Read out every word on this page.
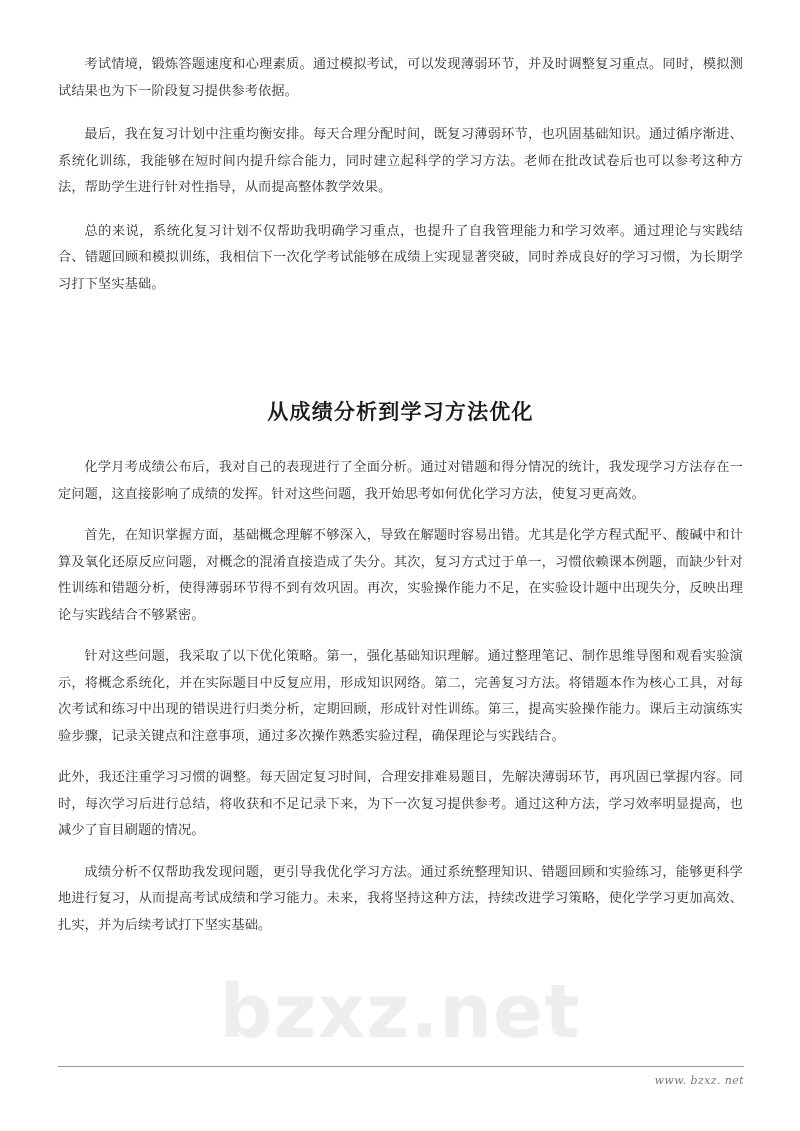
bzxz.net

考试情境，锻炼答题速度和心理素质。通过模拟考试，可以发现薄弱环节，并及时调整复习重点。同时，模拟测试结果也为下一阶段复习提供参考依据。

最后，我在复习计划中注重均衡安排。每天合理分配时间，既复习薄弱环节，也巩固基础知识。通过循序渐进、系统化训练，我能够在短时间内提升综合能力，同时建立起科学的学习方法。老师在批改试卷后也可以参考这种方法，帮助学生进行针对性指导，从而提高整体教学效果。

总的来说，系统化复习计划不仅帮助我明确学习重点，也提升了自我管理能力和学习效率。通过理论与实践结合、错题回顾和模拟训练，我相信下一次化学考试能够在成绩上实现显著突破，同时养成良好的学习习惯，为长期学习打下坚实基础。

从成绩分析到学习方法优化

化学月考成绩公布后，我对自己的表现进行了全面分析。通过对错题和得分情况的统计，我发现学习方法存在一定问题，这直接影响了成绩的发挥。针对这些问题，我开始思考如何优化学习方法，使复习更高效。

首先，在知识掌握方面，基础概念理解不够深入，导致在解题时容易出错。尤其是化学方程式配平、酸碱中和计算及氧化还原反应问题，对概念的混淆直接造成了失分。其次，复习方式过于单一，习惯依赖课本例题，而缺少针对性训练和错题分析，使得薄弱环节得不到有效巩固。再次，实验操作能力不足，在实验设计题中出现失分，反映出理论与实践结合不够紧密。

针对这些问题，我采取了以下优化策略。第一，强化基础知识理解。通过整理笔记、制作思维导图和观看实验演示，将概念系统化，并在实际题目中反复应用，形成知识网络。第二，完善复习方法。将错题本作为核心工具，对每次考试和练习中出现的错误进行归类分析，定期回顾，形成针对性训练。第三，提高实验操作能力。课后主动演练实验步骤，记录关键点和注意事项，通过多次操作熟悉实验过程，确保理论与实践结合。

此外，我还注重学习习惯的调整。每天固定复习时间，合理安排难易题目，先解决薄弱环节，再巩固已掌握内容。同时，每次学习后进行总结，将收获和不足记录下来，为下一次复习提供参考。通过这种方法，学习效率明显提高，也减少了盲目刷题的情况。

成绩分析不仅帮助我发现问题，更引导我优化学习方法。通过系统整理知识、错题回顾和实验练习，能够更科学地进行复习，从而提高考试成绩和学习能力。未来，我将坚持这种方法，持续改进学习策略，使化学学习更加高效、扎实，并为后续考试打下坚实基础。

www. bzxz. net
